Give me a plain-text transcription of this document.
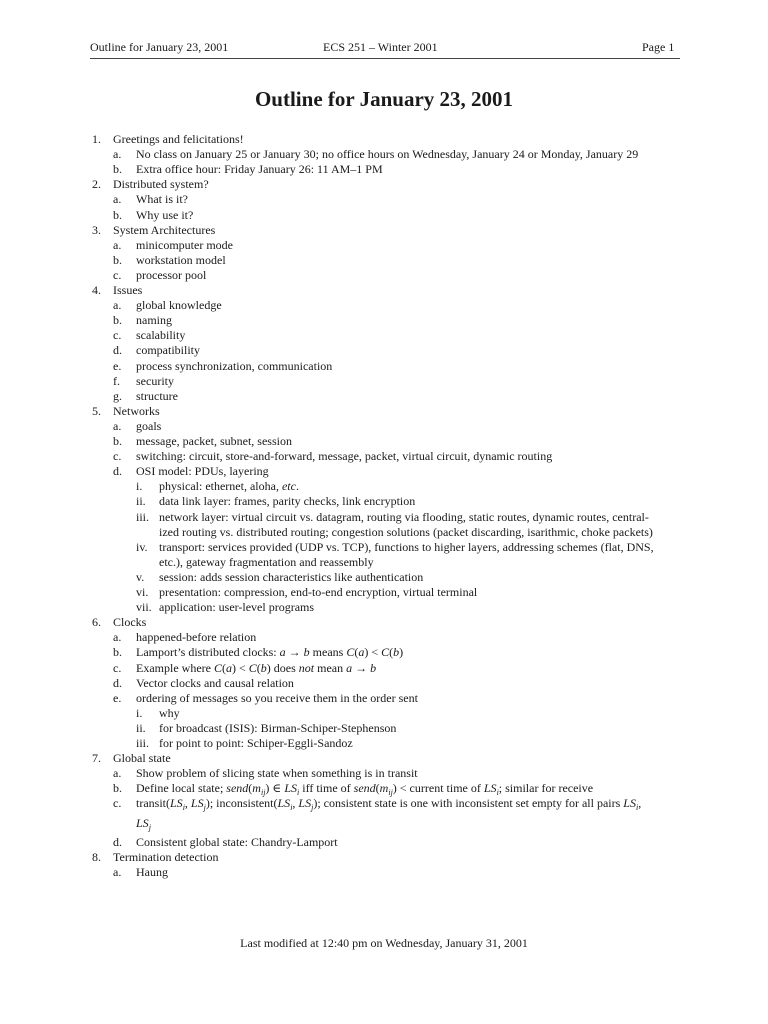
Outline for January 23, 2001	ECS 251 – Winter 2001	Page 1
Outline for January 23, 2001
1. Greetings and felicitations!
a. No class on January 25 or January 30; no office hours on Wednesday, January 24 or Monday, January 29
b. Extra office hour: Friday January 26: 11 AM–1 PM
2. Distributed system?
a. What is it?
b. Why use it?
3. System Architectures
a. minicomputer mode
b. workstation model
c. processor pool
4. Issues
a. global knowledge
b. naming
c. scalability
d. compatibility
e. process synchronization, communication
f. security
g. structure
5. Networks
a. goals
b. message, packet, subnet, session
c. switching: circuit, store-and-forward, message, packet, virtual circuit, dynamic routing
d. OSI model: PDUs, layering
i. physical: ethernet, aloha, etc.
ii. data link layer: frames, parity checks, link encryption
iii. network layer: virtual circuit vs. datagram, routing via flooding, static routes, dynamic routes, central-
ized routing vs. distributed routing; congestion solutions (packet discarding, isarithmic, choke packets)
iv. transport: services provided (UDP vs. TCP), functions to higher layers, addressing schemes (flat, DNS,
etc.), gateway fragmentation and reassembly
v. session: adds session characteristics like authentication
vi. presentation: compression, end-to-end encryption, virtual terminal
vii. application: user-level programs
6. Clocks
a. happened-before relation
b. Lamport’s distributed clocks: a → b means C(a) < C(b)
c. Example where C(a) < C(b) does not mean a → b
d. Vector clocks and causal relation
e. ordering of messages so you receive them in the order sent
i. why
ii. for broadcast (ISIS): Birman-Schiper-Stephenson
iii. for point to point: Schiper-Eggli-Sandoz
7. Global state
a. Show problem of slicing state when something is in transit
b. Define local state; $send(m_{ij})$ ∈ $LS_i$ iff time of $send(m_{ij})$ < current time of $LS_i$; similar for receive
c. $transit(LS_i$, $LS_j$); $inconsistent(LS_i$, $LS_j$); consistent state is one with inconsistent set empty for all pairs $LS_i$,
$LS_j$
d. Consistent global state: Chandry-Lamport
8. Termination detection
a. Haung
Last modified at 12:40 pm on Wednesday, January 31, 2001
